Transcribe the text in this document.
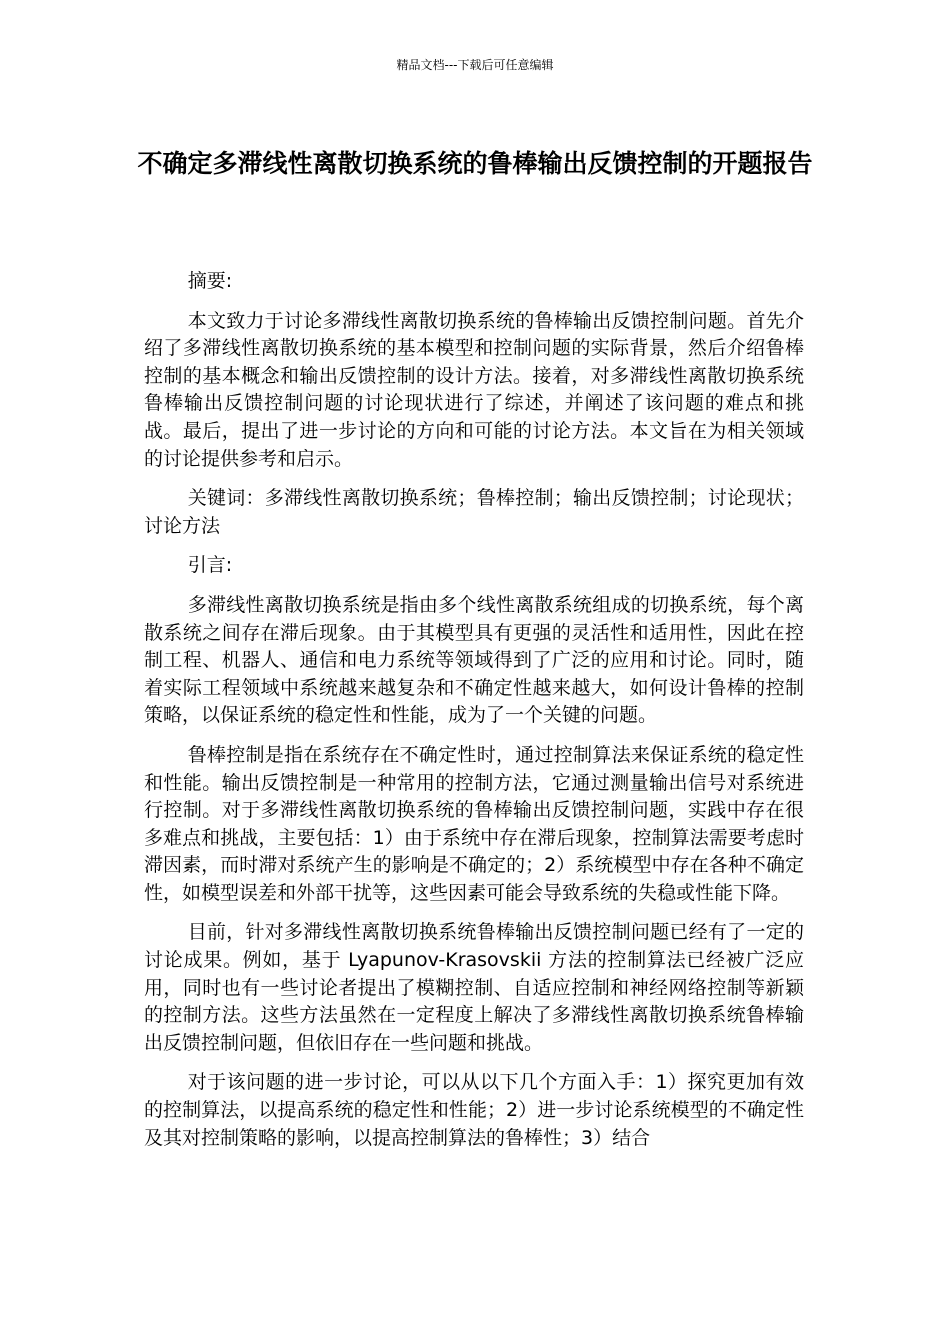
精品文档---下载后可任意编辑
不确定多滞线性离散切换系统的鲁棒输出反馈控制的开题报告

摘要:

本文致力于讨论多滞线性离散切换系统的鲁棒输出反馈控制问题。首先介绍了多滞线性离散切换系统的基本模型和控制问题的实际背景，然后介绍鲁棒控制的基本概念和输出反馈控制的设计方法。接着，对多滞线性离散切换系统鲁棒输出反馈控制问题的讨论现状进行了综述，并阐述了该问题的难点和挑战。最后，提出了进一步讨论的方向和可能的讨论方法。本文旨在为相关领域的讨论提供参考和启示。

关键词：多滞线性离散切换系统；鲁棒控制；输出反馈控制；讨论现状；讨论方法

引言:

多滞线性离散切换系统是指由多个线性离散系统组成的切换系统，每个离散系统之间存在滞后现象。由于其模型具有更强的灵活性和适用性，因此在控制工程、机器人、通信和电力系统等领域得到了广泛的应用和讨论。同时，随着实际工程领域中系统越来越复杂和不确定性越来越大，如何设计鲁棒的控制策略，以保证系统的稳定性和性能，成为了一个关键的问题。

鲁棒控制是指在系统存在不确定性时，通过控制算法来保证系统的稳定性和性能。输出反馈控制是一种常用的控制方法，它通过测量输出信号对系统进行控制。对于多滞线性离散切换系统的鲁棒输出反馈控制问题，实践中存在很多难点和挑战，主要包括：1）由于系统中存在滞后现象，控制算法需要考虑时滞因素，而时滞对系统产生的影响是不确定的；2）系统模型中存在各种不确定性，如模型误差和外部干扰等，这些因素可能会导致系统的失稳或性能下降。

目前，针对多滞线性离散切换系统鲁棒输出反馈控制问题已经有了一定的讨论成果。例如，基于 Lyapunov-Krasovskii 方法的控制算法已经被广泛应用，同时也有一些讨论者提出了模糊控制、自适应控制和神经网络控制等新颖的控制方法。这些方法虽然在一定程度上解决了多滞线性离散切换系统鲁棒输出反馈控制问题，但依旧存在一些问题和挑战。

对于该问题的进一步讨论，可以从以下几个方面入手：1）探究更加有效的控制算法，以提高系统的稳定性和性能；2）进一步讨论系统模型的不确定性及其对控制策略的影响，以提高控制算法的鲁棒性；3）结合
